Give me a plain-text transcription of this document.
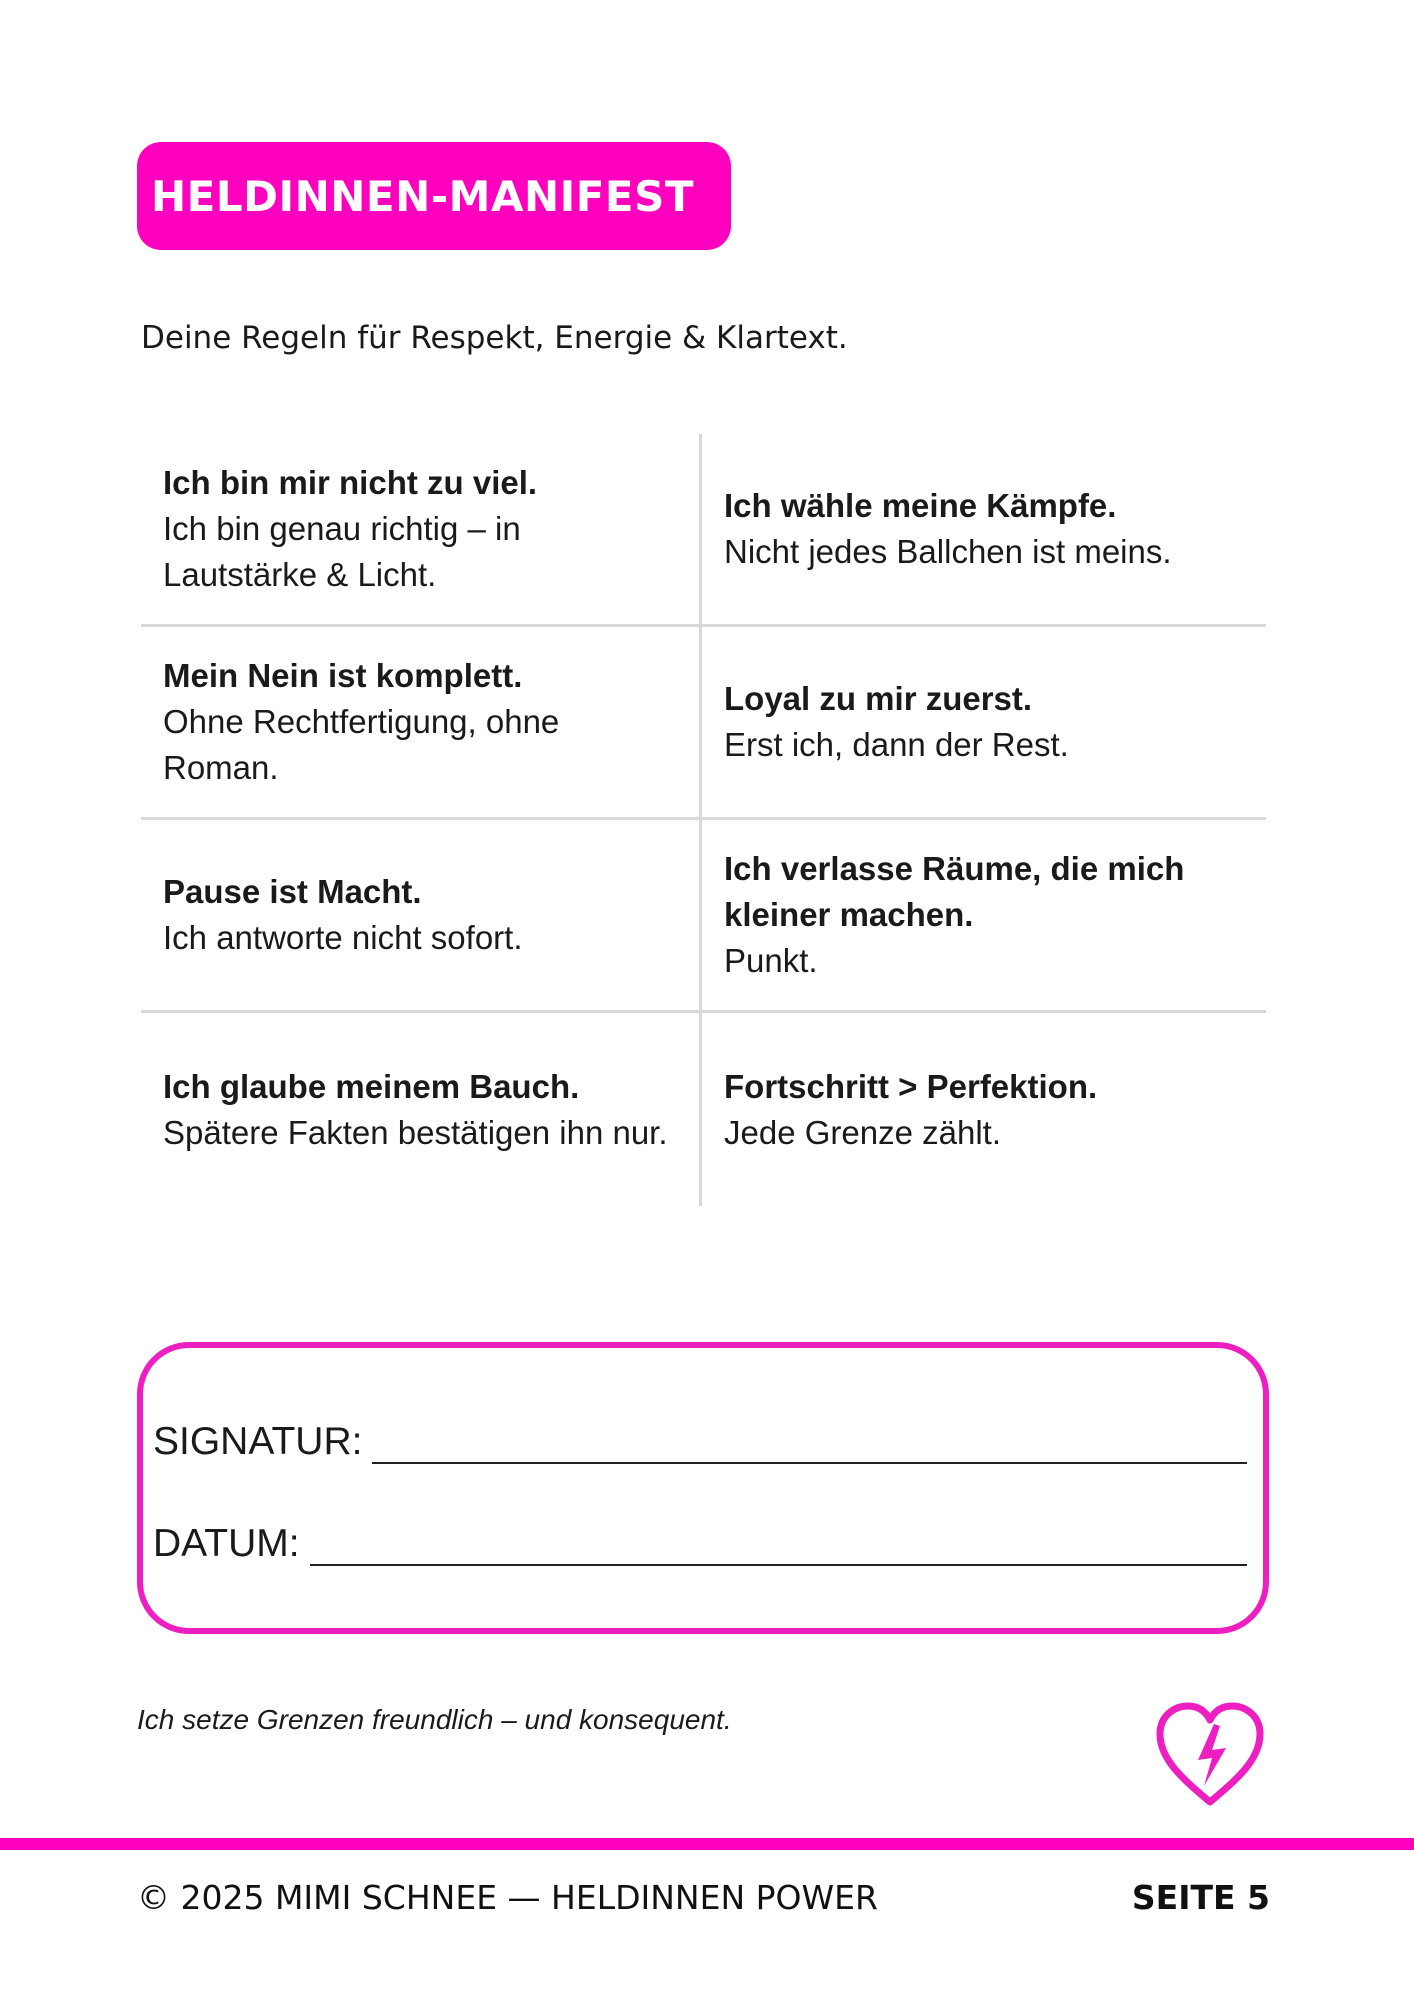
HELDINNEN-MANIFEST
Deine Regeln für Respekt, Energie & Klartext.
Ich bin mir nicht zu viel.
Ich bin genau richtig – in Lautstärke & Licht.
Ich wähle meine Kämpfe.
Nicht jedes Ballchen ist meins.
Mein Nein ist komplett.
Ohne Rechtfertigung, ohne Roman.
Loyal zu mir zuerst.
Erst ich, dann der Rest.
Pause ist Macht.
Ich antworte nicht sofort.
Ich verlasse Räume, die mich kleiner machen.
Punkt.
Ich glaube meinem Bauch.
Spätere Fakten bestätigen ihn nur.
Fortschritt > Perfektion.
Jede Grenze zählt.
SIGNATUR:
DATUM:
Ich setze Grenzen freundlich – und konsequent.
© 2025 MIMI SCHNEE — HELDINNEN POWER	SEITE 5
